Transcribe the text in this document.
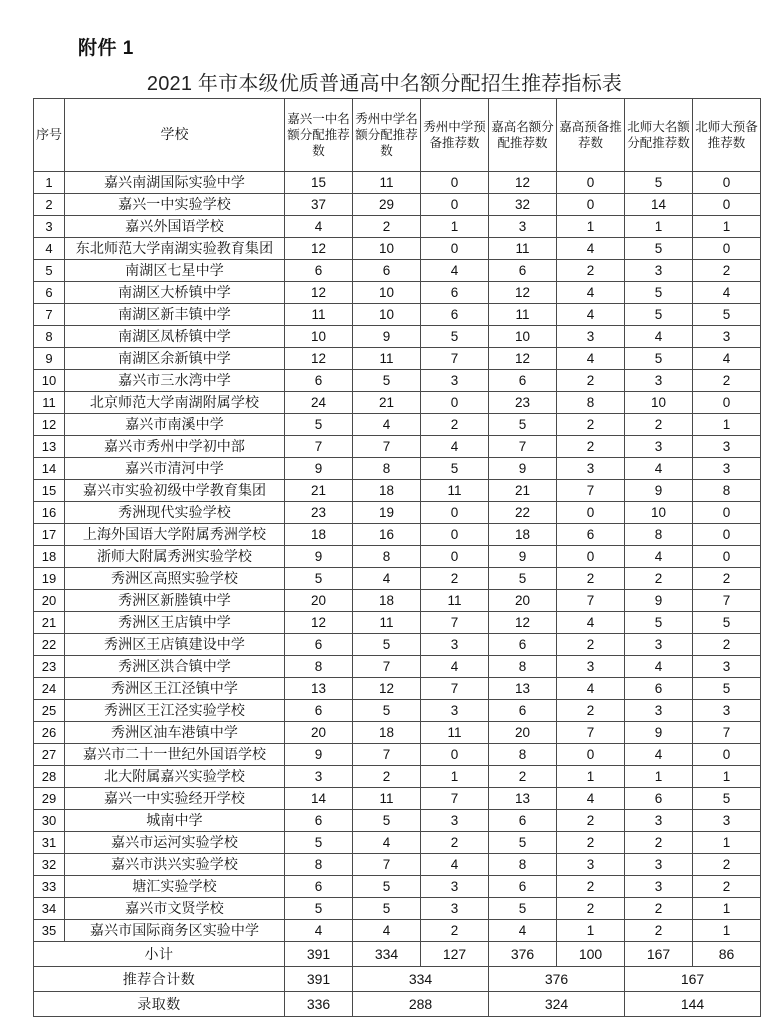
附件 1
2021 年市本级优质普通高中名额分配招生推荐指标表
序号	学校	嘉兴一中名额分配推荐数	秀州中学名额分配推荐数	秀州中学预备推荐数	嘉高名额分配推荐数	嘉高预备推荐数	北师大名额分配推荐数	北师大预备推荐数
1	嘉兴南湖国际实验中学	15	11	0	12	0	5	0
2	嘉兴一中实验学校	37	29	0	32	0	14	0
3	嘉兴外国语学校	4	2	1	3	1	1	1
4	东北师范大学南湖实验教育集团	12	10	0	11	4	5	0
5	南湖区七星中学	6	6	4	6	2	3	2
6	南湖区大桥镇中学	12	10	6	12	4	5	4
7	南湖区新丰镇中学	11	10	6	11	4	5	5
8	南湖区凤桥镇中学	10	9	5	10	3	4	3
9	南湖区余新镇中学	12	11	7	12	4	5	4
10	嘉兴市三水湾中学	6	5	3	6	2	3	2
11	北京师范大学南湖附属学校	24	21	0	23	8	10	0
12	嘉兴市南溪中学	5	4	2	5	2	2	1
13	嘉兴市秀州中学初中部	7	7	4	7	2	3	3
14	嘉兴市清河中学	9	8	5	9	3	4	3
15	嘉兴市实验初级中学教育集团	21	18	11	21	7	9	8
16	秀洲现代实验学校	23	19	0	22	0	10	0
17	上海外国语大学附属秀洲学校	18	16	0	18	6	8	0
18	浙师大附属秀洲实验学校	9	8	0	9	0	4	0
19	秀洲区高照实验学校	5	4	2	5	2	2	2
20	秀洲区新塍镇中学	20	18	11	20	7	9	7
21	秀洲区王店镇中学	12	11	7	12	4	5	5
22	秀洲区王店镇建设中学	6	5	3	6	2	3	2
23	秀洲区洪合镇中学	8	7	4	8	3	4	3
24	秀洲区王江泾镇中学	13	12	7	13	4	6	5
25	秀洲区王江泾实验学校	6	5	3	6	2	3	3
26	秀洲区油车港镇中学	20	18	11	20	7	9	7
27	嘉兴市二十一世纪外国语学校	9	7	0	8	0	4	0
28	北大附属嘉兴实验学校	3	2	1	2	1	1	1
29	嘉兴一中实验经开学校	14	11	7	13	4	6	5
30	城南中学	6	5	3	6	2	3	3
31	嘉兴市运河实验学校	5	4	2	5	2	2	1
32	嘉兴市洪兴实验学校	8	7	4	8	3	3	2
33	塘汇实验学校	6	5	3	6	2	3	2
34	嘉兴市文贤学校	5	5	3	5	2	2	1
35	嘉兴市国际商务区实验中学	4	4	2	4	1	2	1
小计		391	334	127	376	100	167	86
推荐合计数		391	334		376		167	
录取数		336	288		324		144	
